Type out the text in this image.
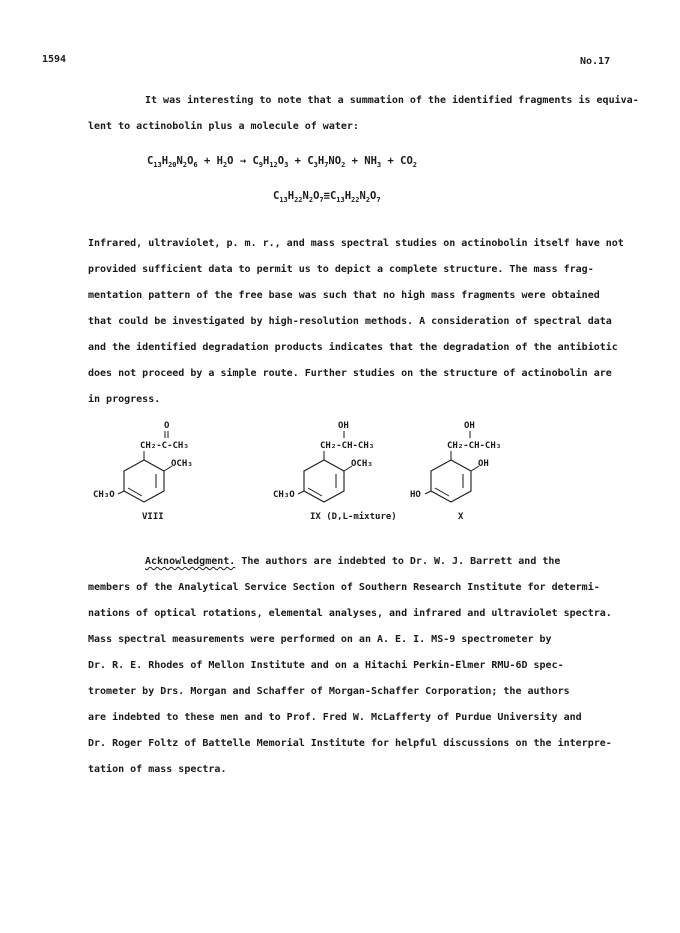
1594	No.17
It was interesting to note that a summation of the identified fragments is equiva-
lent to actinobolin plus a molecule of water:
$C_{13}H_{20}N_2O_6 + H_2O \to C_9H_{12}O_3 + C_3H_7NO_2 + NH_3 + CO_2$
$C_{13}H_{22}N_2O_7\equiv C_{13}H_{22}N_2O_7$
Infrared, ultraviolet, p. m. r., and mass spectral studies on actinobolin itself have not
provided sufficient data to permit us to depict a complete structure. The mass frag-
mentation pattern of the free base was such that no high mass fragments were obtained
that could be investigated by high-resolution methods. A consideration of spectral data
and the identified degradation products indicates that the degradation of the antibiotic
does not proceed by a simple route. Further studies on the structure of actinobolin are
in progress.
O
CH₂-C-CH₃
OCH₃
CH₃O
VIII
OH
CH₂-CH-CH₃
OCH₃
CH₃O
IX (D,L-mixture)
OH
CH₂-CH-CH₃
OH
HO
X
Acknowledgment. The authors are indebted to Dr. W. J. Barrett and the
members of the Analytical Service Section of Southern Research Institute for determi-
nations of optical rotations, elemental analyses, and infrared and ultraviolet spectra.
Mass spectral measurements were performed on an A. E. I. MS-9 spectrometer by
Dr. R. E. Rhodes of Mellon Institute and on a Hitachi Perkin-Elmer RMU-6D spec-
trometer by Drs. Morgan and Schaffer of Morgan-Schaffer Corporation; the authors
are indebted to these men and to Prof. Fred W. McLafferty of Purdue University and
Dr. Roger Foltz of Battelle Memorial Institute for helpful discussions on the interpre-
tation of mass spectra.
